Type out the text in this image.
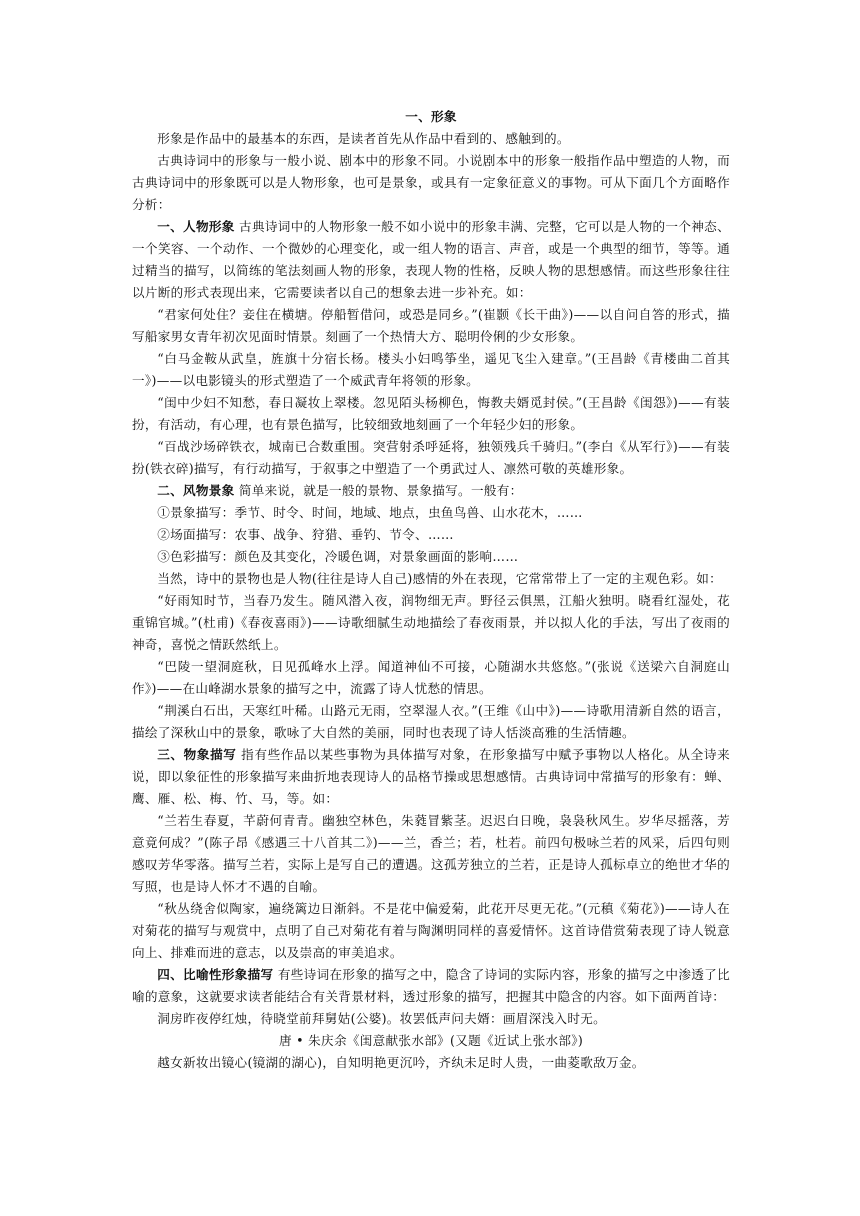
一、形象

形象是作品中的最基本的东西，是读者首先从作品中看到的、感触到的。

古典诗词中的形象与一般小说、剧本中的形象不同。小说剧本中的形象一般指作品中塑造的人物，而古典诗词中的形象既可以是人物形象，也可是景象，或具有一定象征意义的事物。可从下面几个方面略作分析：

一、人物形象 古典诗词中的人物形象一般不如小说中的形象丰满、完整，它可以是人物的一个神态、一个笑容、一个动作、一个微妙的心理变化，或一组人物的语言、声音，或是一个典型的细节，等等。通过精当的描写，以简练的笔法刻画人物的形象，表现人物的性格，反映人物的思想感情。而这些形象往往以片断的形式表现出来，它需要读者以自己的想象去进一步补充。如：

“君家何处住？妾住在横塘。停船暂借问，或恐是同乡。”(崔颢《长干曲》)——以自问自答的形式，描写船家男女青年初次见面时情景。刻画了一个热情大方、聪明伶俐的少女形象。

“白马金鞍从武皇，旌旗十分宿长杨。楼头小妇鸣筝坐，遥见飞尘入建章。”(王昌龄《青楼曲二首其一》)——以电影镜头的形式塑造了一个威武青年将领的形象。

“闺中少妇不知愁，春日凝妆上翠楼。忽见陌头杨柳色，悔教夫婿觅封侯。”(王昌龄《闺怨》)——有装扮，有活动，有心理，也有景色描写，比较细致地刻画了一个年轻少妇的形象。

“百战沙场碎铁衣，城南已合数重围。突营射杀呼延将，独领残兵千骑归。”(李白《从军行》)——有装扮(铁衣碎)描写，有行动描写，于叙事之中塑造了一个勇武过人、凛然可敬的英雄形象。

二、风物景象 简单来说，就是一般的景物、景象描写。一般有：

①景象描写：季节、时令、时间，地域、地点，虫鱼鸟兽、山水花木，……

②场面描写：农事、战争、狩猎、垂钓、节令、……

③色彩描写：颜色及其变化，冷暖色调，对景象画面的影响……

当然，诗中的景物也是人物(往往是诗人自己)感情的外在表现，它常常带上了一定的主观色彩。如：

“好雨知时节，当春乃发生。随风潜入夜，润物细无声。野径云俱黑，江船火独明。晓看红湿处，花重锦官城。”(杜甫)《春夜喜雨》)——诗歌细腻生动地描绘了春夜雨景，并以拟人化的手法，写出了夜雨的神奇，喜悦之情跃然纸上。

“巴陵一望洞庭秋，日见孤峰水上浮。闻道神仙不可接，心随湖水共悠悠。”(张说《送梁六自洞庭山作》)——在山峰湖水景象的描写之中，流露了诗人忧愁的情思。

“荆溪白石出，天寒红叶稀。山路元无雨，空翠湿人衣。”(王维《山中》)——诗歌用清新自然的语言，描绘了深秋山中的景象，歌咏了大自然的美丽，同时也表现了诗人恬淡高雅的生活情趣。

三、物象描写 指有些作品以某些事物为具体描写对象，在形象描写中赋予事物以人格化。从全诗来说，即以象征性的形象描写来曲折地表现诗人的品格节操或思想感情。古典诗词中常描写的形象有：蝉、鹰、雁、松、梅、竹、马，等。如：

“兰若生春夏，芊蔚何青青。幽独空林色，朱蕤冒紫茎。迟迟白日晚，袅袅秋风生。岁华尽摇落，芳意竟何成？”(陈子昂《感遇三十八首其二》)——兰，香兰；若，杜若。前四句极咏兰若的风采，后四句则感叹芳华零落。描写兰若，实际上是写自己的遭遇。这孤芳独立的兰若，正是诗人孤标卓立的绝世才华的写照，也是诗人怀才不遇的自喻。

“秋丛绕舍似陶家，遍绕篱边日渐斜。不是花中偏爱菊，此花开尽更无花。”(元稹《菊花》)——诗人在对菊花的描写与观赏中，点明了自己对菊花有着与陶渊明同样的喜爱情怀。这首诗借赏菊表现了诗人锐意向上、排难而进的意志，以及崇高的审美追求。

四、比喻性形象描写 有些诗词在形象的描写之中，隐含了诗词的实际内容，形象的描写之中渗透了比喻的意象，这就要求读者能结合有关背景材料，透过形象的描写，把握其中隐含的内容。如下面两首诗：

洞房昨夜停红烛，待晓堂前拜舅姑(公婆)。妆罢低声问夫婿：画眉深浅入时无。

唐 • 朱庆余《闺意献张水部》(又题《近试上张水部》)

越女新妆出镜心(镜湖的湖心)，自知明艳更沉吟，齐纨未足时人贵，一曲菱歌敌万金。
